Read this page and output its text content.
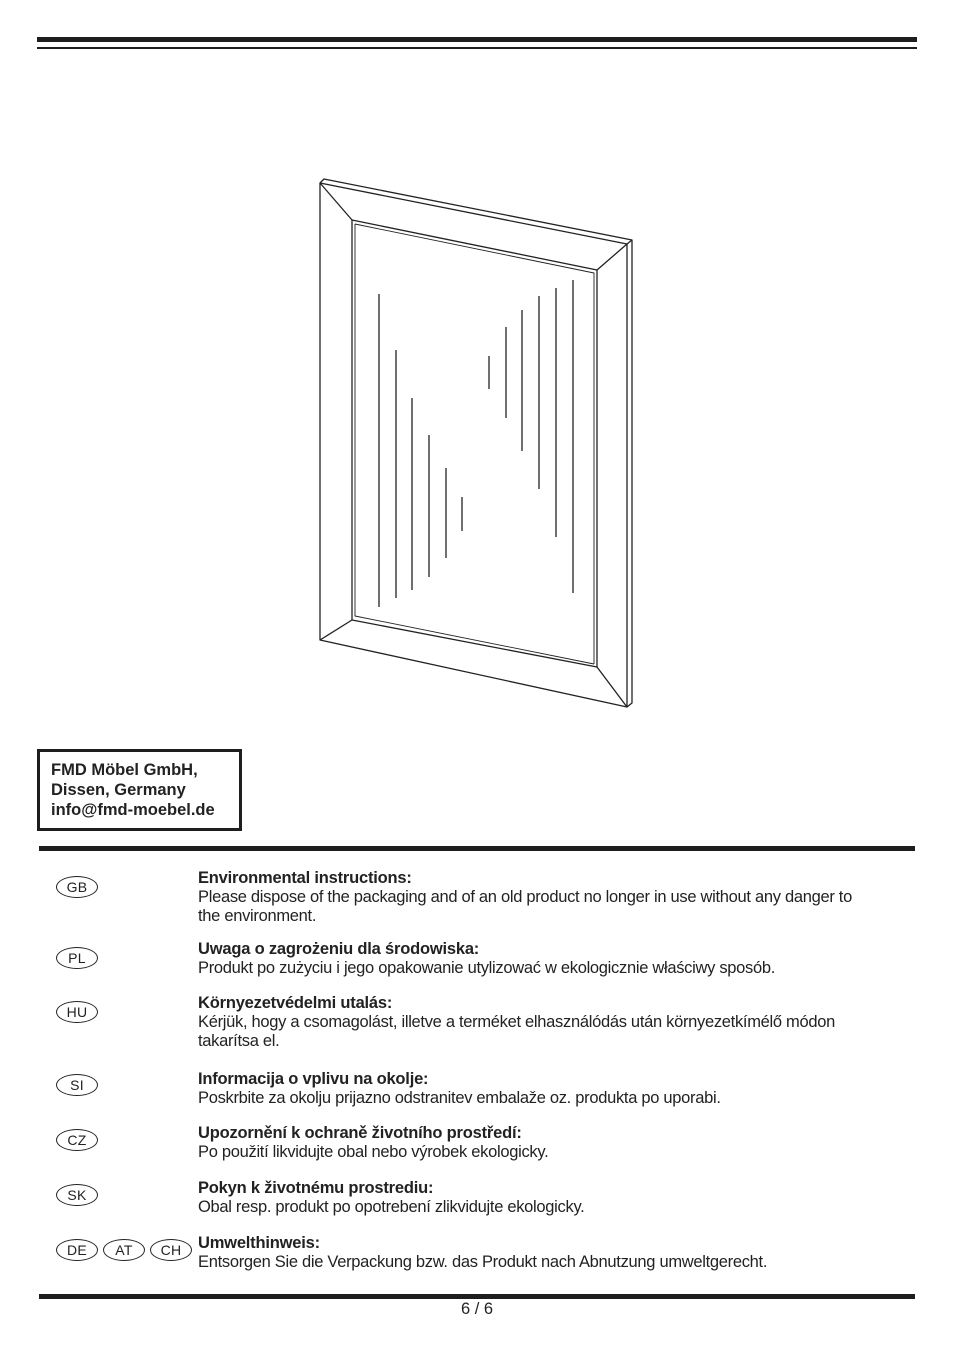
FMD Möbel GmbH,
Dissen, Germany
info@fmd-moebel.de
GB	Environmental instructions:
Please dispose of the packaging and of an old product no longer in use without any danger to
the environment.
PL	Uwaga o zagrożeniu dla środowiska:
Produkt po zużyciu i jego opakowanie utylizować w ekologicznie właściwy sposób.
HU	Környezetvédelmi utalás:
Kérjük, hogy a csomagolást, illetve a terméket elhasználódás után környezetkímélő módon
takarítsa el.
SI	Informacija o vplivu na okolje:
Poskrbite za okolju prijazno odstranitev embalaže oz. produkta po uporabi.
CZ	Upozornění k ochraně životního prostředí:
Po použití likvidujte obal nebo výrobek ekologicky.
SK	Pokyn k životnému prostrediu:
Obal resp. produkt po opotrebení zlikvidujte ekologicky.
DE	AT	CH	Umwelthinweis:
Entsorgen Sie die Verpackung bzw. das Produkt nach Abnutzung umweltgerecht.
6 / 6
